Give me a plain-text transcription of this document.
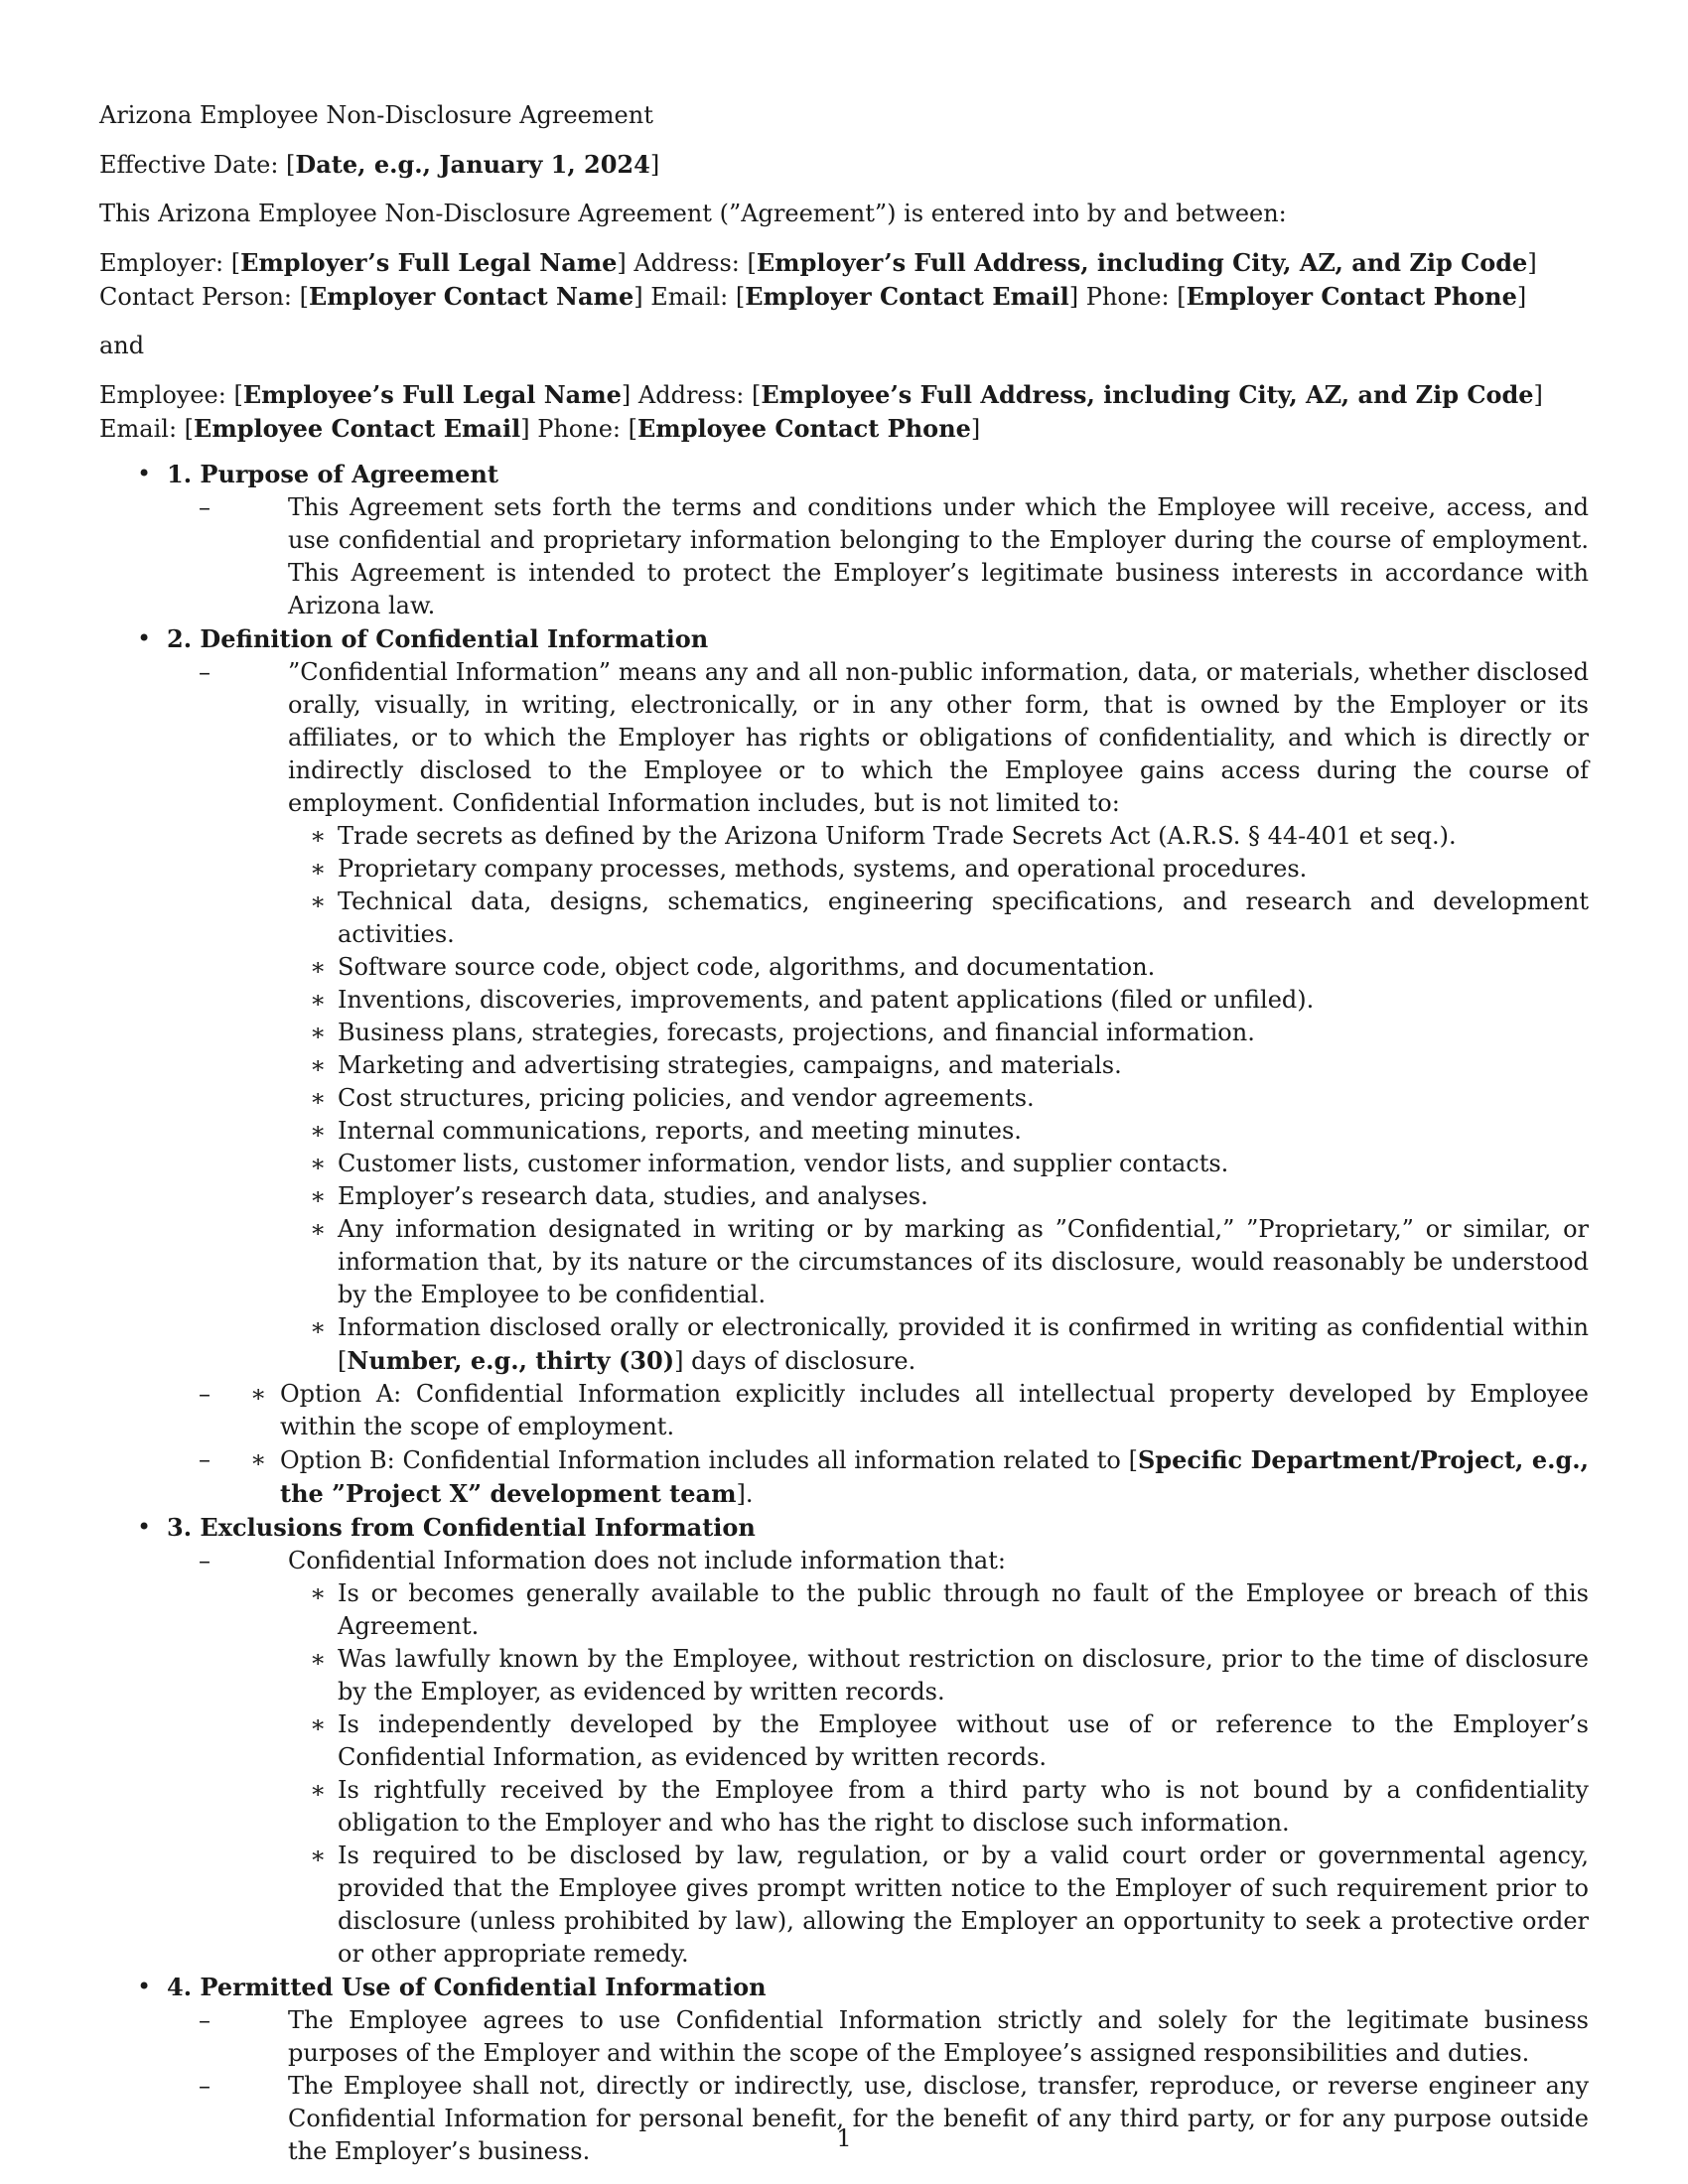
Arizona Employee Non-Disclosure Agreement

Effective Date: [Date, e.g., January 1, 2024]

This Arizona Employee Non-Disclosure Agreement (”Agreement”) is entered into by and between:

Employer: [Employer’s Full Legal Name] Address: [Employer’s Full Address, including City, AZ, and Zip Code]
Contact Person: [Employer Contact Name] Email: [Employer Contact Email] Phone: [Employer Contact Phone]

and

Employee: [Employee’s Full Legal Name] Address: [Employee’s Full Address, including City, AZ, and Zip Code]
Email: [Employee Contact Email] Phone: [Employee Contact Phone]

• 1. Purpose of Agreement
–	This Agreement sets forth the terms and conditions under which the Employee will receive, access, and use confidential and proprietary information belonging to the Employer during the course of employment. This Agreement is intended to protect the Employer’s legitimate business interests in accordance with Arizona law.
• 2. Definition of Confidential Information
–	”Confidential Information” means any and all non-public information, data, or materials, whether disclosed orally, visually, in writing, electronically, or in any other form, that is owned by the Employer or its affiliates, or to which the Employer has rights or obligations of confidentiality, and which is directly or indirectly disclosed to the Employee or to which the Employee gains access during the course of employment. Confidential Information includes, but is not limited to:
∗ Trade secrets as defined by the Arizona Uniform Trade Secrets Act (A.R.S. § 44-401 et seq.).
∗ Proprietary company processes, methods, systems, and operational procedures.
∗ Technical data, designs, schematics, engineering specifications, and research and development activities.
∗ Software source code, object code, algorithms, and documentation.
∗ Inventions, discoveries, improvements, and patent applications (filed or unfiled).
∗ Business plans, strategies, forecasts, projections, and financial information.
∗ Marketing and advertising strategies, campaigns, and materials.
∗ Cost structures, pricing policies, and vendor agreements.
∗ Internal communications, reports, and meeting minutes.
∗ Customer lists, customer information, vendor lists, and supplier contacts.
∗ Employer’s research data, studies, and analyses.
∗ Any information designated in writing or by marking as ”Confidential,” ”Proprietary,” or similar, or information that, by its nature or the circumstances of its disclosure, would reasonably be understood by the Employee to be confidential.
∗ Information disclosed orally or electronically, provided it is confirmed in writing as confidential within [Number, e.g., thirty (30)] days of disclosure.
– ∗ Option A: Confidential Information explicitly includes all intellectual property developed by Employee within the scope of employment.
– ∗ Option B: Confidential Information includes all information related to [Specific Department/Project, e.g., the ”Project X” development team].
• 3. Exclusions from Confidential Information
–	Confidential Information does not include information that:
∗ Is or becomes generally available to the public through no fault of the Employee or breach of this Agreement.
∗ Was lawfully known by the Employee, without restriction on disclosure, prior to the time of disclosure by the Employer, as evidenced by written records.
∗ Is independently developed by the Employee without use of or reference to the Employer’s Confidential Information, as evidenced by written records.
∗ Is rightfully received by the Employee from a third party who is not bound by a confidentiality obligation to the Employer and who has the right to disclose such information.
∗ Is required to be disclosed by law, regulation, or by a valid court order or governmental agency, provided that the Employee gives prompt written notice to the Employer of such requirement prior to disclosure (unless prohibited by law), allowing the Employer an opportunity to seek a protective order or other appropriate remedy.
• 4. Permitted Use of Confidential Information
–	The Employee agrees to use Confidential Information strictly and solely for the legitimate business purposes of the Employer and within the scope of the Employee’s assigned responsibilities and duties.
–	The Employee shall not, directly or indirectly, use, disclose, transfer, reproduce, or reverse engineer any Confidential Information for personal benefit, for the benefit of any third party, or for any purpose outside the Employer’s business.	1
